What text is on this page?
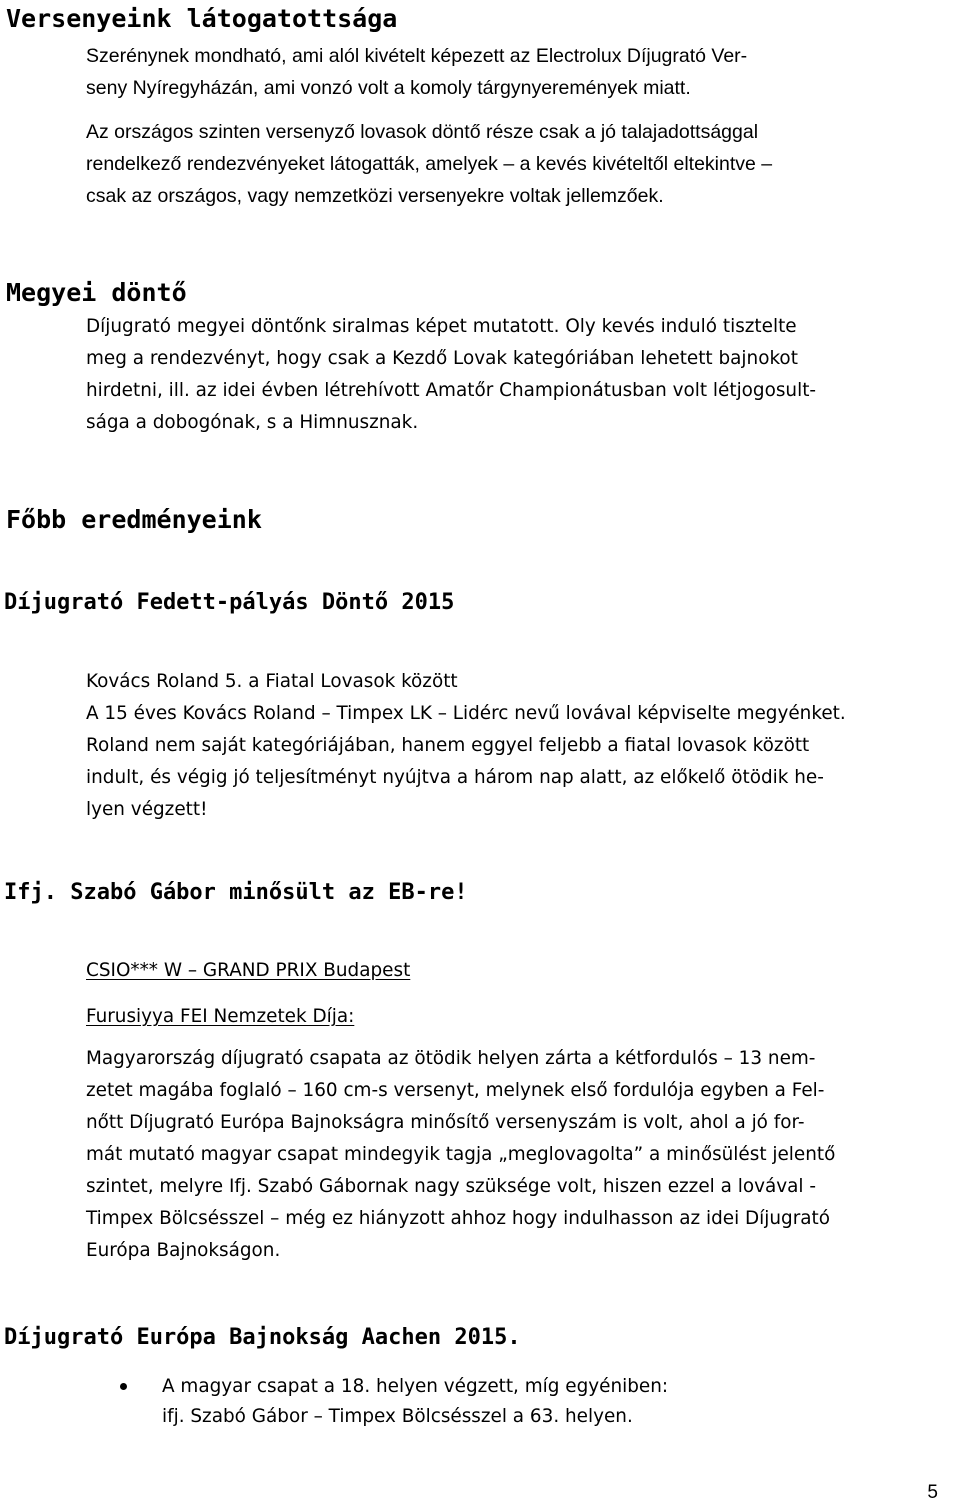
Versenyeink látogatottsága
Szerénynek mondható, ami alól kivételt képezett az Electrolux Díjugrató Ver-
seny Nyíregyházán, ami vonzó volt a komoly tárgynyeremények miatt.
Az országos szinten versenyző lovasok döntő része csak a jó talajadottsággal
rendelkező rendezvényeket látogatták, amelyek – a kevés kivételtől eltekintve –
csak az országos, vagy nemzetközi versenyekre voltak jellemzőek.
Megyei döntő
Díjugrató megyei döntőnk siralmas képet mutatott. Oly kevés induló tisztelte
meg a rendezvényt, hogy csak a Kezdő Lovak kategóriában lehetett bajnokot
hirdetni, ill. az idei évben létrehívott Amatőr Championátusban volt létjogosult-
sága a dobogónak, s a Himnusznak.
Főbb eredményeink
Díjugrató Fedett-pályás Döntő 2015

Kovács Roland 5. a Fiatal Lovasok között

A 15 éves Kovács Roland – Timpex LK – Lidérc nevű lovával képviselte megyénket.
Roland nem saját kategóriájában, hanem eggyel feljebb a fiatal lovasok között
indult, és végig jó teljesítményt nyújtva a három nap alatt, az előkelő ötödik he-
lyen végzett!
Ifj. Szabó Gábor minősült az EB-re!

CSIO*** W – GRAND PRIX Budapest

Furusiyya FEI Nemzetek Díja:

Magyarország díjugrató csapata az ötödik helyen zárta a kétfordulós – 13 nem-
zetet magába foglaló – 160 cm-s versenyt, melynek első fordulója egyben a Fel-
nőtt Díjugrató Európa Bajnokságra minősítő versenyszám is volt, ahol a jó for-
mát mutató magyar csapat mindegyik tagja „meglovagolta” a minősülést jelentő
szintet, melyre Ifj. Szabó Gábornak nagy szüksége volt, hiszen ezzel a lovával -
Timpex Bölcsésszel – még ez hiányzott ahhoz hogy indulhasson az idei Díjugrató
Európa Bajnokságon.
Díjugrató Európa Bajnokság Aachen 2015.
A magyar csapat a 18. helyen végzett, míg egyéniben:
ifj. Szabó Gábor – Timpex Bölcsésszel a 63. helyen.
5
